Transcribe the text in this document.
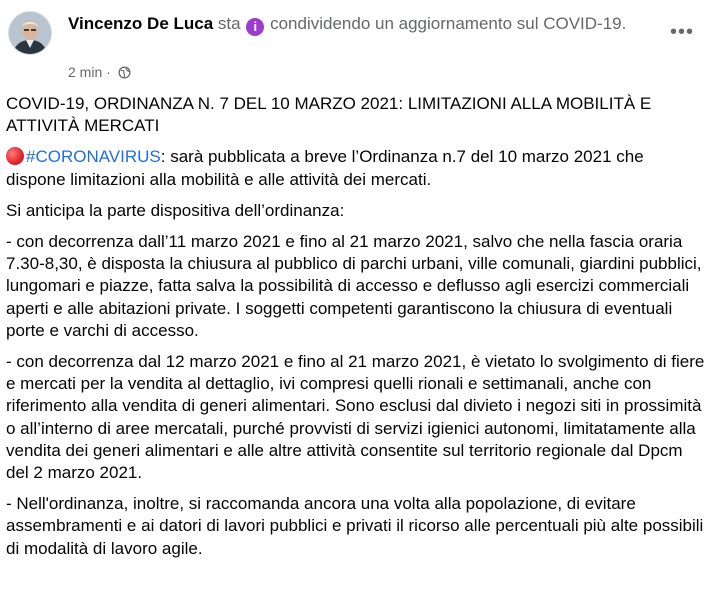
Vincenzo De Luca sta i condividendo un aggiornamento sul COVID-19.
2 min ·
•••

COVID-19, ORDINANZA N. 7 DEL 10 MARZO 2021: LIMITAZIONI ALLA MOBILITÀ E ATTIVITÀ MERCATI

#CORONAVIRUS: sarà pubblicata a breve l’Ordinanza n.7 del 10 marzo 2021 che dispone limitazioni alla mobilità e alle attività dei mercati.

Si anticipa la parte dispositiva dell’ordinanza:

- con decorrenza dall’11 marzo 2021 e fino al 21 marzo 2021, salvo che nella fascia oraria 7.30-8,30, è disposta la chiusura al pubblico di parchi urbani, ville comunali, giardini pubblici, lungomari e piazze, fatta salva la possibilità di accesso e deflusso agli esercizi commerciali aperti e alle abitazioni private. I soggetti competenti garantiscono la chiusura di eventuali porte e varchi di accesso.

- con decorrenza dal 12 marzo 2021 e fino al 21 marzo 2021, è vietato lo svolgimento di fiere e mercati per la vendita al dettaglio, ivi compresi quelli rionali e settimanali, anche con riferimento alla vendita di generi alimentari. Sono esclusi dal divieto i negozi siti in prossimità o all’interno di aree mercatali, purché provvisti di servizi igienici autonomi, limitatamente alla vendita dei generi alimentari e alle altre attività consentite sul territorio regionale dal Dpcm del 2 marzo 2021.

- Nell'ordinanza, inoltre, si raccomanda ancora una volta alla popolazione, di evitare assembramenti e ai datori di lavori pubblici e privati il ricorso alle percentuali più alte possibili di modalità di lavoro agile.
